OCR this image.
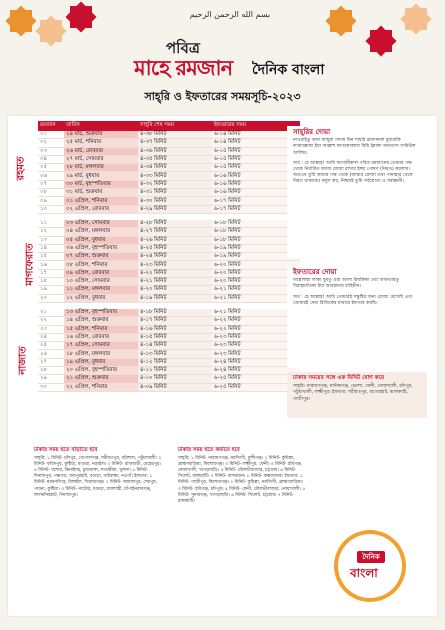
بسم الله الرحمن الرحيم
পবিত্র
মাহে রমজান দৈনিক বাংলা
সাহ্‌রি ও ইফতারের সময়সূচি-২০২৩
রহমত
মাগফেরাত
নাজাত
রমজান	তারিখ	সাহ্‌রি শেষ সময়	ইফতারের সময়
০১	২৪ মার্চ, শুক্রবার	৪-৩৮ মিনিট	৬-১৪ মিনিট
০২	২৫ মার্চ, শনিবার	৪-৩৭ মিনিট	৬-১৪ মিনিট
০৩	২৬ মার্চ, রোববার	৪-৩৬ মিনিট	৬-১৫ মিনিট
০৪	২৭ মার্চ, সোমবার	৪-৩৫ মিনিট	৬-১৫ মিনিট
০৫	২৮ মার্চ, মঙ্গলবার	৪-৩৪ মিনিট	৬-১৫ মিনিট
০৬	২৯ মার্চ, বুধবার	৪-৩৩ মিনিট	৬-১৬ মিনিট
০৭	৩০ মার্চ, বৃহস্পতিবার	৪-৩২ মিনিট	৬-১৬ মিনিট
০৮	৩১ মার্চ, শুক্রবার	৪-৩১ মিনিট	৬-১৬ মিনিট
০৯	০১ এপ্রিল, শনিবার	৪-৩০ মিনিট	৬-১৭ মিনিট
১০	০২ এপ্রিল, রোববার	৪-২৯ মিনিট	৬-১৭ মিনিট

১১	০৩ এপ্রিল, সোমবার	৪-২৮ মিনিট	৬-১৮ মিনিট
১২	০৪ এপ্রিল, মঙ্গলবার	৪-২৭ মিনিট	৬-১৮ মিনিট
১৩	০৫ এপ্রিল, বুধবার	৪-২৬ মিনিট	৬-১৮ মিনিট
১৪	০৬ এপ্রিল, বৃহস্পতিবার	৪-২৫ মিনিট	৬-১৯ মিনিট
১৫	০৭ এপ্রিল, শুক্রবার	৪-২৪ মিনিট	৬-১৯ মিনিট
১৬	০৮ এপ্রিল, শনিবার	৪-২৩ মিনিট	৬-২০ মিনিট
১৭	০৯ এপ্রিল, রোববার	৪-২২ মিনিট	৬-২০ মিনিট
১৮	১০ এপ্রিল, সোমবার	৪-২১ মিনিট	৬-২০ মিনিট
১৯	১১ এপ্রিল, মঙ্গলবার	৪-২০ মিনিট	৬-২১ মিনিট
২০	১২ এপ্রিল, বুধবার	৪-১৯ মিনিট	৬-২১ মিনিট

২১	১৩ এপ্রিল, বৃহস্পতিবার	৪-১৮ মিনিট	৬-২১ মিনিট
২২	১৪ এপ্রিল, শুক্রবার	৪-১৭ মিনিট	৬-২২ মিনিট
২৩	১৫ এপ্রিল, শনিবার	৪-১৬ মিনিট	৬-২২ মিনিট
২৪	১৬ এপ্রিল, রোববার	৪-১৫ মিনিট	৬-২৩ মিনিট
২৫	১৭ এপ্রিল, সোমবার	৪-১৪ মিনিট	৬-২৩ মিনিট
২৬	১৮ এপ্রিল, মঙ্গলবার	৪-১৩ মিনিট	৬-২৩ মিনিট
২৭	১৯ এপ্রিল, বুধবার	৪-১২ মিনিট	৬-২৪ মিনিট
২৮	২০ এপ্রিল, বৃহস্পতিবার	৪-১১ মিনিট	৬-২৪ মিনিট
২৯	২১ এপ্রিল, শুক্রবার	৪-১০ মিনিট	৬-২৫ মিনিট
৩০	২২ এপ্রিল, শনিবার	৪-০৯ মিনিট	৬-২৫ মিনিট
সাহ্‌রির দোয়া

নাওয়াইতু আন আছুমা গাদাম মিন শাহরি রমাদানাল মুবারাকি ফারদাল্লাকা ইয়া আল্লাহু ফাতাকাব্বাল মিন্নি ইন্নাকা আনতাস সামিউল আলিম।

অর্থ : হে আল্লাহ! আমি আগামীকাল পবিত্র রমজানের তোমার পক্ষ থেকে নির্ধারিত ফরজ রোজা রাখার ইচ্ছা পোষণ (নিয়ত) করলাম। অতএব তুমি আমার পক্ষ থেকে (আমার রোজা তথা পানাহার থেকে বিরত থাকাকে) কবুল কর, নিশ্চয়ই তুমি সর্বশ্রোতা ও সর্বজ্ঞানী।

ইফতারের দোয়া

আল্লাহুম্মা লাকা ছুমতু ওয়া আলা রিযক্বিকা ওয়া আফতারতু বিরাহমাতিকা ইয়া আরহামার রাহিমীন।

অর্থ : হে আল্লাহ! আমি তোমারই সন্তুষ্টির জন্য রোজা রেখেছি এবং তোমারই দেয়া রিজিকের মাধ্যমে ইফতার করছি।

ঢাকার সময়ের সঙ্গে এক মিনিট যোগ করে

সাহ্‌রি: নারায়ণগঞ্জ, মানিকগঞ্জ, ভোলা, ফেনী, নোয়াখালী, চাঁদপুর, পটুয়াখালী, লক্ষ্মীপুর। ইফতার: শরীয়তপুর, বাগেরহাট, ঝালকাঠি, গাজীপুর।

ঢাকার সময় হতে বাড়াতে হবে
সাহ্‌রি: ১ মিনিট- চাঁদপুর, গোপালগঞ্জ, শরীয়তপুর, বরিশাল, পটুয়াখালী। ২ মিনিট- ফরিদপুর, কুষ্টিয়া, মাগুরা, নড়াইল। ৩ মিনিট- রাজবাড়ী, মেহেরপুর। ৪ মিনিট- যশোর, ঝিনাইদহ, চুয়াডাঙ্গা, সাতক্ষীরা, খুলনা। ৫ মিনিট- দিনাজপুর, পঞ্চগড়, জয়পুরহাট, বগুড়া, গাইবান্ধা, নওগাঁ। ইফতার: ১ মিনিট- ময়মনসিংহ, টাঙ্গাইল, সিরাজগঞ্জ। ২ মিনিট- জামালপুর, শেরপুর, পাবনা, কুষ্টিয়া। ৩ মিনিট- নাটোর, বগুড়া, রাজশাহী, চাঁপাইনবাবগঞ্জ, লালমনিরহাট, দিনাজপুর।
ঢাকার সময় হতে কমাতে হবে
সাহ্‌রি: ১ মিনিট- নারায়ণগঞ্জ, নরসিংদী, মুন্সীগঞ্জ। ২ মিনিট- কুমিল্লা, ব্রাহ্মণবাড়িয়া, কিশোরগঞ্জ। ৩ মিনিট- লক্ষ্মীপুর, ফেনী। ৪ মিনিট- হবিগঞ্জ, নোয়াখালী, খাগড়াছড়ি। ৫ মিনিট- মৌলভীবাজার, চট্টগ্রাম। ৬ মিনিট- সিলেট, রাঙ্গামাটি। ৭ মিনিট- বান্দরবান। ৮ মিনিট- কক্সবাজার। ইফতার: ১ মিনিট- গাজীপুর, কিশোরগঞ্জ। ২ মিনিট- কুমিল্লা, নরসিংদী, ব্রাহ্মণবাড়িয়া। ৩ মিনিট- হবিগঞ্জ, চাঁদপুর। ৪ মিনিট- ফেনী, মৌলভীবাজার, নোয়াখালী। ৫ মিনিট- সুনামগঞ্জ, খাগড়াছড়ি। ৬ মিনিট- সিলেট, চট্টগ্রাম। ৭ মিনিট- রাঙ্গামাটি।
দৈনিক
বাংলা
